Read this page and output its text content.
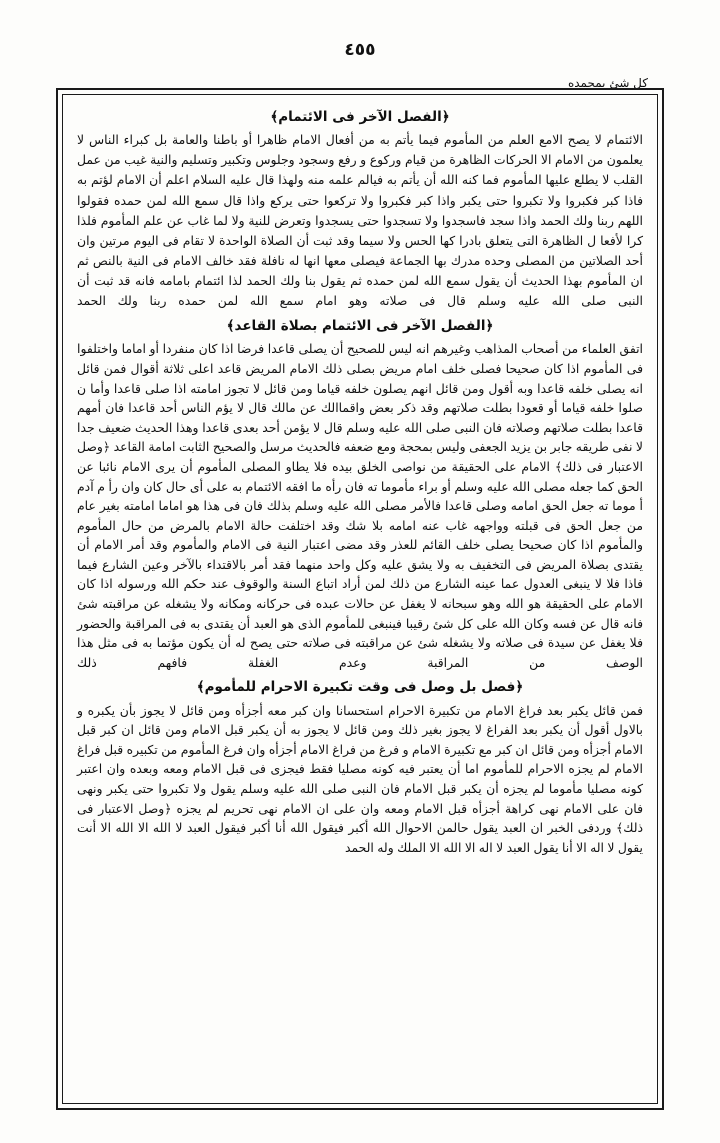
٤٥٥
كل شئ بمحمده
﴿الفصل الآخر فى الائتمام﴾

الائتمام لا يصح الامع العلم من المأموم فيما يأتم به من أفعال الامام ظاهرا أو باطنا والعامة بل كبراء الناس لا يعلمون من الامام الا الحركات الظاهرة من قيام وركوع و رفع وسجود وجلوس وتكبير وتسليم والنية غيب من عمل القلب لا يطلع عليها المأموم فما كنه الله أن يأتم به فيالم علمه منه ولهذا قال عليه السلام اعلم أن الامام لؤتم به فاذا كبر فكبروا ولا تكبروا حتى يكبر واذا كبر فكبروا ولا تركعوا حتى يركع واذا قال سمع الله لمن حمده فقولوا اللهم ربنا ولك الحمد واذا سجد فاسجدوا ولا تسجدوا حتى يسجدوا وتعرض للنية ولا لما غاب عن علم المأموم فلذا كرا لأفعا ل الظاهرة التى يتعلق بادرا كها الحس ولا سيما وقد ثبت أن الصلاة الواحدة لا تقام فى اليوم مرتين وان أحد الصلاتين من المصلى وحده مدرك بها الجماعة فيصلى معها انها له نافلة فقد خالف الامام فى النية بالنص ثم ان المأموم بهذا الحديث أن يقول سمع الله لمن حمده ثم يقول بنا ولك الحمد لذا ائتمام بامامه فانه قد ثبت أن النبى صلى الله عليه وسلم قال فى صلاته وهو امام سمع الله لمن حمده ربنا ولك الحمد

﴿الفصل الآخر فى الائتمام بصلاة القاعد﴾

اتفق العلماء من أصحاب المذاهب وغيرهم انه ليس للصحيح أن يصلى قاعدا فرضا اذا كان منفردا أو اماما واختلفوا فى المأموم اذا كان صحيحا فصلى خلف امام مريض بصلى ذلك الامام المريض قاعد اعلى ثلاثة أقوال فمن قائل انه يصلى خلفه قاعدا وبه أقول ومن قائل انهم يصلون خلفه قياما ومن قائل لا تجوز امامته اذا صلى قاعدا وأما ن صلوا خلفه قياما أو قعودا بطلت صلاتهم وقد ذكر بعض واقماالك عن مالك قال لا يؤم الناس أحد قاعدا فان أمهم قاعدا بطلت صلاتهم وصلاته فان النبى صلى الله عليه وسلم قال لا يؤمن أحد بعدى قاعدا وهذا الحديث ضعيف جدا لا نفى طريقه جابر بن يزيد الجعفى وليس بمحجة ومع ضعفه فالحديث مرسل والصحيح الثابت امامة القاعد ﴿وصل الاعتبار فى ذلك﴾ الامام على الحقيقة من نواصى الخلق بيده فلا يطاو المصلى المأموم أن يرى الامام نائبا عن الحق كما جعله مصلى الله عليه وسلم أو براء مأموما ته فان رأه ما افقه الائتمام به على أى حال كان وان رأ م آدم أ موما ته جعل الحق امامه وصلى قاعدا فالأمر مصلى الله عليه وسلم بذلك فان فى هذا هو اماما امامته بغير عام من جعل الحق فى قبلته وواجهه غاب عنه امامه بلا شك وقد اختلفت حالة الامام بالمرض من حال المأموم والمأموم اذا كان صحيحا يصلى خلف القائم للعذر وقد مضى اعتبار النية فى الامام والمأموم وقد أمر الامام أن يقتدى بصلاة المريض فى التخفيف به ولا يشق عليه وكل واحد منهما فقد أمر بالاقتداء بالآخر وعين الشارع فيما فاذا فلا لا ينبغى العدول عما عينه الشارع من ذلك لمن أراد اتباع السنة والوقوف عند حكم الله ورسوله اذا كان الامام على الحقيقة هو الله وهو سبحانه لا يغفل عن حالات عبده فى حركانه ومكانه ولا يشغله عن مراقبته شئ فانه قال عن فسه وكان الله على كل شئ رقيبا فينبغى للمأموم الذى هو العبد أن يقتدى به فى المراقبة والحضور فلا يغفل عن سيدة فى صلاته ولا يشغله شئ عن مراقبته فى صلاته حتى يصح له أن يكون مؤتما به فى مثل هذا الوصف من المراقبة وعدم الغفلة فافهم ذلك

﴿فصل بل وصل فى وقت تكبيرة الاحرام للمأموم﴾

فمن قائل يكبر بعد فراغ الامام من تكبيرة الاحرام استحسانا وان كبر معه أجزأه ومن قائل لا يجوز بأن يكبره و بالاول أقول أن يكبر بعد الفراغ لا يجوز بغير ذلك ومن قائل لا يجوز به أن يكبر قبل الامام ومن قائل ان كبر قبل الامام أجزأه ومن قائل ان كبر مع تكبيرة الامام و فرغ من فراغ الامام أجزأه وان فرغ المأموم من تكبيره قبل فراغ الامام لم يجزه الاحرام للمأموم اما أن يعتبر فيه كونه مصليا فقط فيجزى فى قبل الامام ومعه وبعده وان اعتبر كونه مصليا مأموما لم يجزه أن يكبر قبل الامام فان النبى صلى الله عليه وسلم يقول ولا تكبروا حتى يكبر ونهى فان على الامام نهى كراهة أجزأه قبل الامام ومعه وان على ان الامام نهى تحريم لم يجزه ﴿وصل الاعتبار فى ذلك﴾ وردفى الخبر ان العبد يقول حالمن الاحوال الله أكبر فيقول الله أنا أكبر فيقول العبد لا الله الا الله الا أنت يقول لا اله الا أنا يقول العبد لا اله الا الله الا الملك وله الحمد
